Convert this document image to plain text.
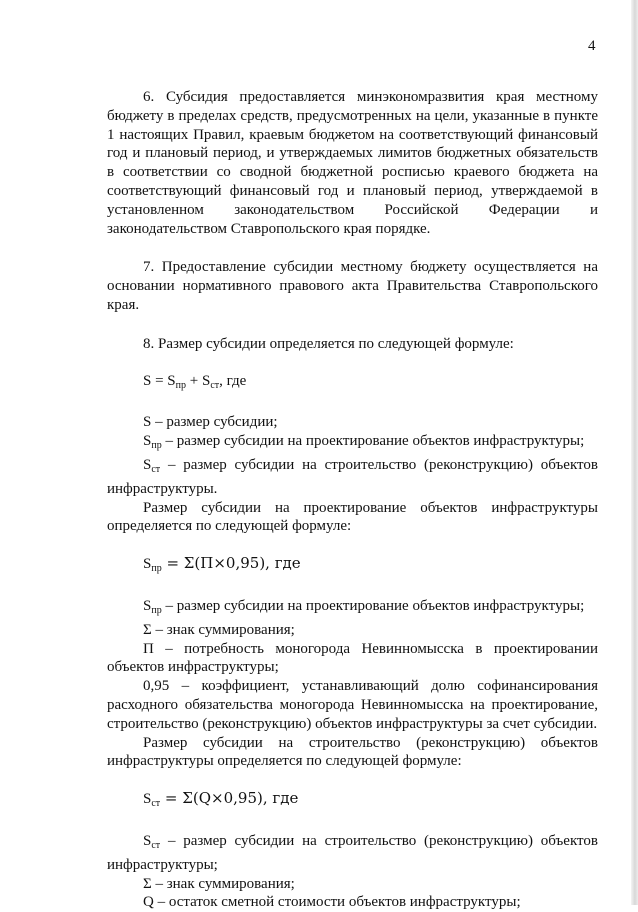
4

6. Субсидия предоставляется минэкономразвития края местному бюджету в пределах средств, предусмотренных на цели, указанные в пункте 1 настоящих Правил, краевым бюджетом на соответствующий финансовый год и плановый период, и утверждаемых лимитов бюджетных обязательств в соответствии со сводной бюджетной росписью краевого бюджета на соответствующий финансовый год и плановый период, утверждаемой в установленном законодательством Российской Федерации и законодательством Ставропольского края порядке.

7. Предоставление субсидии местному бюджету осуществляется на основании нормативного правового акта Правительства Ставропольского края.

8. Размер субсидии определяется по следующей формуле:

$S = S_{пр} + S_{ст}$, где

S – размер субсидии;

$S_{пр}$ – размер субсидии на проектирование объектов инфраструктуры;

$S_{ст}$ – размер субсидии на строительство (реконструкцию) объектов инфраструктуры.

Размер субсидии на проектирование объектов инфраструктуры определяется по следующей формуле:

$S_{пр} = \Sigma(П\times 0,95)$, где

$S_{пр}$ – размер субсидии на проектирование объектов инфраструктуры;

Σ – знак суммирования;

П – потребность моногорода Невинномысска в проектировании объектов инфраструктуры;

0,95 – коэффициент, устанавливающий долю софинансирования расходного обязательства моногорода Невинномысска на проектирование, строительство (реконструкцию) объектов инфраструктуры за счет субсидии.

Размер субсидии на строительство (реконструкцию) объектов инфраструктуры определяется по следующей формуле:

$S_{ст} = \Sigma(Q\times 0,95)$, где

$S_{ст}$ – размер субсидии на строительство (реконструкцию) объектов инфраструктуры;

Σ – знак суммирования;

Q – остаток сметной стоимости объектов инфраструктуры;
